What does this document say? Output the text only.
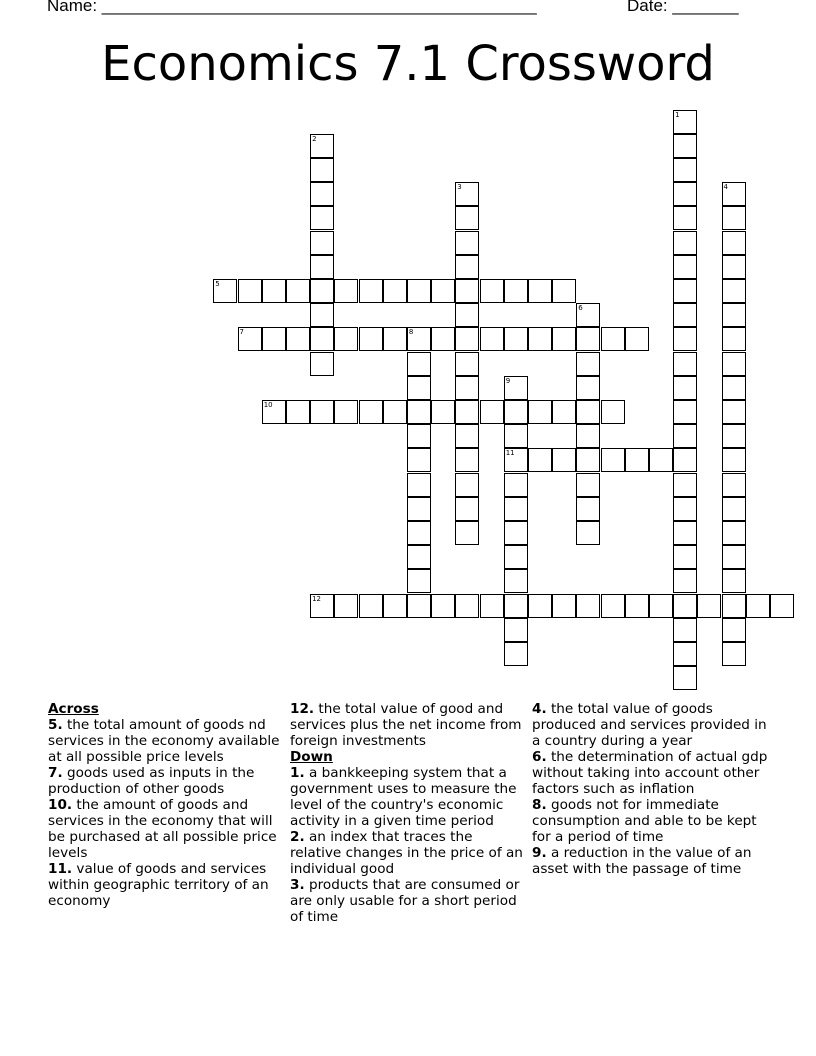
Name: ______________________________________________	Date: _______
Economics 7.1 Crossword
1
2
3	4
5
6
7	8
9
11
10
12
Across

5. the total amount of goods nd services in the economy available at all possible price levels

7. goods used as inputs in the production of other goods

10. the amount of goods and services in the economy that will be purchased at all possible price levels

11. value of goods and services within geographic territory of an economy

12. the total value of good and services plus the net income from foreign investments

Down

1. a bankkeeping system that a government uses to measure the level of the country's economic activity in a given time period

2. an index that traces the relative changes in the price of an individual good

3. products that are consumed or are only usable for a short period of time

4. the total value of goods produced and services provided in a country during a year

6. the determination of actual gdp without taking into account other factors such as inflation

8. goods not for immediate consumption and able to be kept for a period of time

9. a reduction in the value of an asset with the passage of time
